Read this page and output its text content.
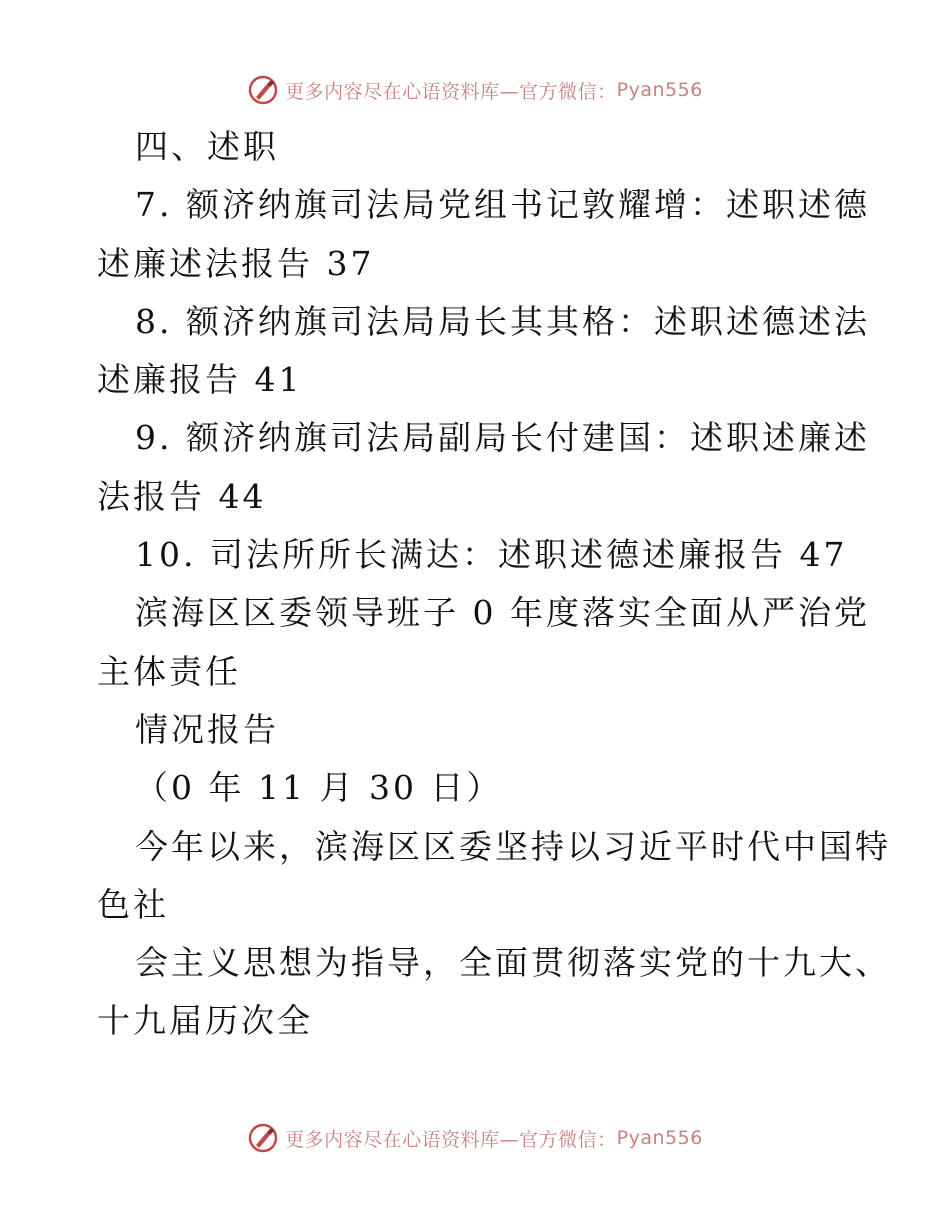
更多内容尽在心语资料库—官方微信： Pyan556
四、述职
7. 额济纳旗司法局党组书记敦耀增：述职述德
述廉述法报告 37
8. 额济纳旗司法局局长其其格：述职述德述法
述廉报告 41
9. 额济纳旗司法局副局长付建国：述职述廉述
法报告 44
10. 司法所所长满达：述职述德述廉报告 47
滨海区区委领导班子 0 年度落实全面从严治党
主体责任
情况报告
（0 年 11 月 30 日）
今年以来，滨海区区委坚持以习近平时代中国特
色社
会主义思想为指导，全面贯彻落实党的十九大、
十九届历次全
更多内容尽在心语资料库—官方微信： Pyan556
